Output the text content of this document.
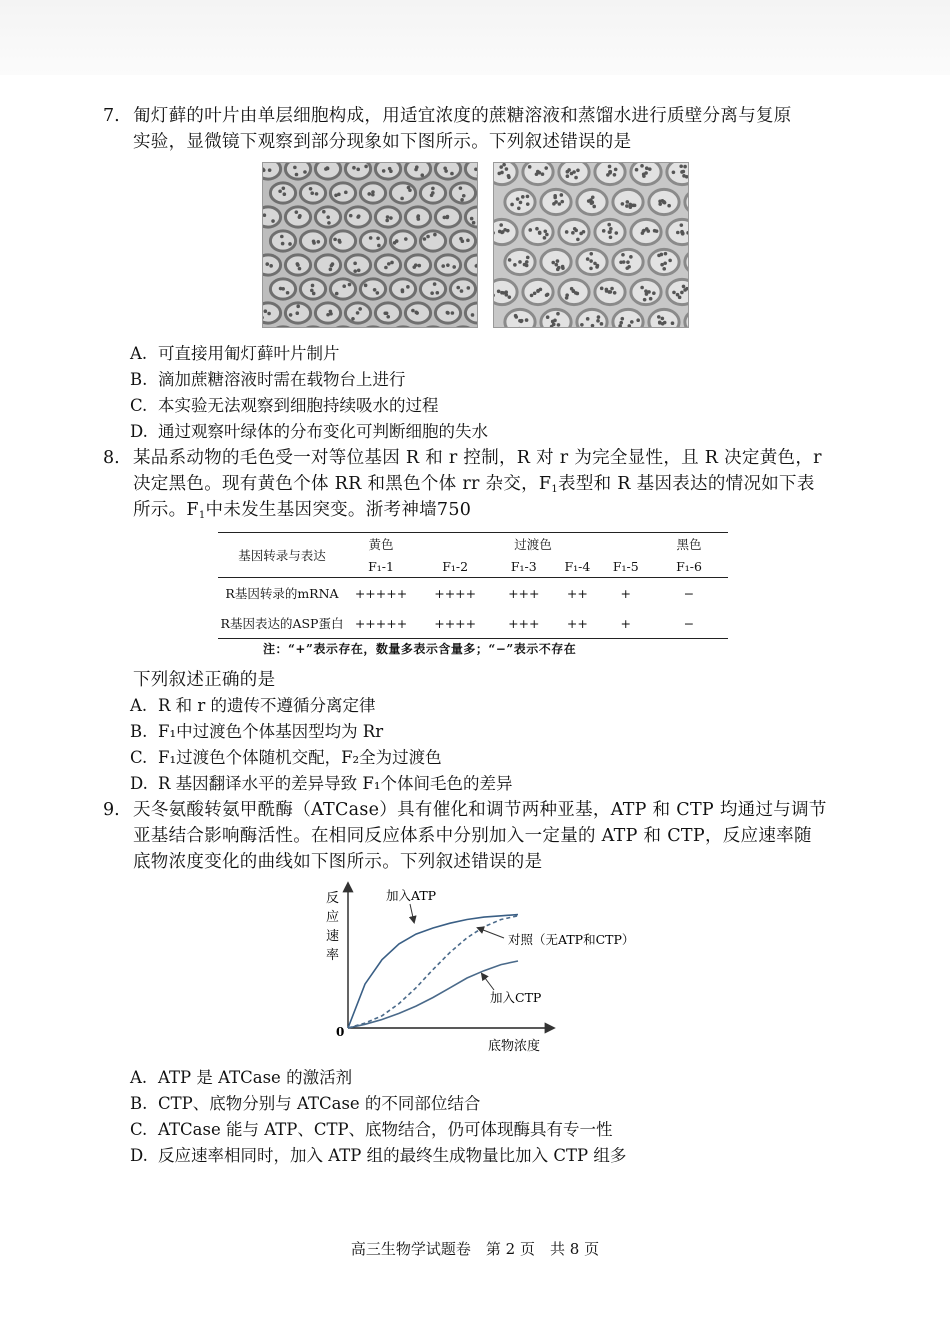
7. 匍灯藓的叶片由单层细胞构成，用适宜浓度的蔗糖溶液和蒸馏水进行质壁分离与复原
实验，显微镜下观察到部分现象如下图所示。下列叙述错误的是
A. 可直接用匍灯藓叶片制片
B. 滴加蔗糖溶液时需在载物台上进行
C. 本实验无法观察到细胞持续吸水的过程
D. 通过观察叶绿体的分布变化可判断细胞的失水
8. 某品系动物的毛色受一对等位基因 R 和 r 控制，R 对 r 为完全显性，且 R 决定黄色，r
决定黑色。现有黄色个体 RR 和黑色个体 rr 杂交，$F_1$表型和 R 基因表达的情况如下表
所示。$F_1$中未发生基因突变。浙考神墙750
基因转录与表达	黄色	过渡色				黑色
	F₁-1	F₁-2	F₁-3	F₁-4	F₁-5	F₁-6
R基因转录的mRNA	+++++	++++	+++	++	+	−
R基因表达的ASP蛋白	+++++	++++	+++	++	+	−
注：“+”表示存在，数量多表示含量多；“−”表示不存在
下列叙述正确的是
A. R 和 r 的遗传不遵循分离定律
B. F₁中过渡色个体基因型均为 Rr
C. F₁过渡色个体随机交配，F₂全为过渡色
D. R 基因翻译水平的差异导致 F₁个体间毛色的差异
9. 天冬氨酸转氨甲酰酶（ATCase）具有催化和调节两种亚基，ATP 和 CTP 均通过与调节
亚基结合影响酶活性。在相同反应体系中分别加入一定量的 ATP 和 CTP，反应速率随
底物浓度变化的曲线如下图所示。下列叙述错误的是
反
应
速
率
0
底物浓度
加入ATP
对照（无ATP和CTP）
加入CTP
A. ATP 是 ATCase 的激活剂
B. CTP、底物分别与 ATCase 的不同部位结合
C. ATCase 能与 ATP、CTP、底物结合，仍可体现酶具有专一性
D. 反应速率相同时，加入 ATP 组的最终生成物量比加入 CTP 组多
高三生物学试题卷　第 2 页　共 8 页
